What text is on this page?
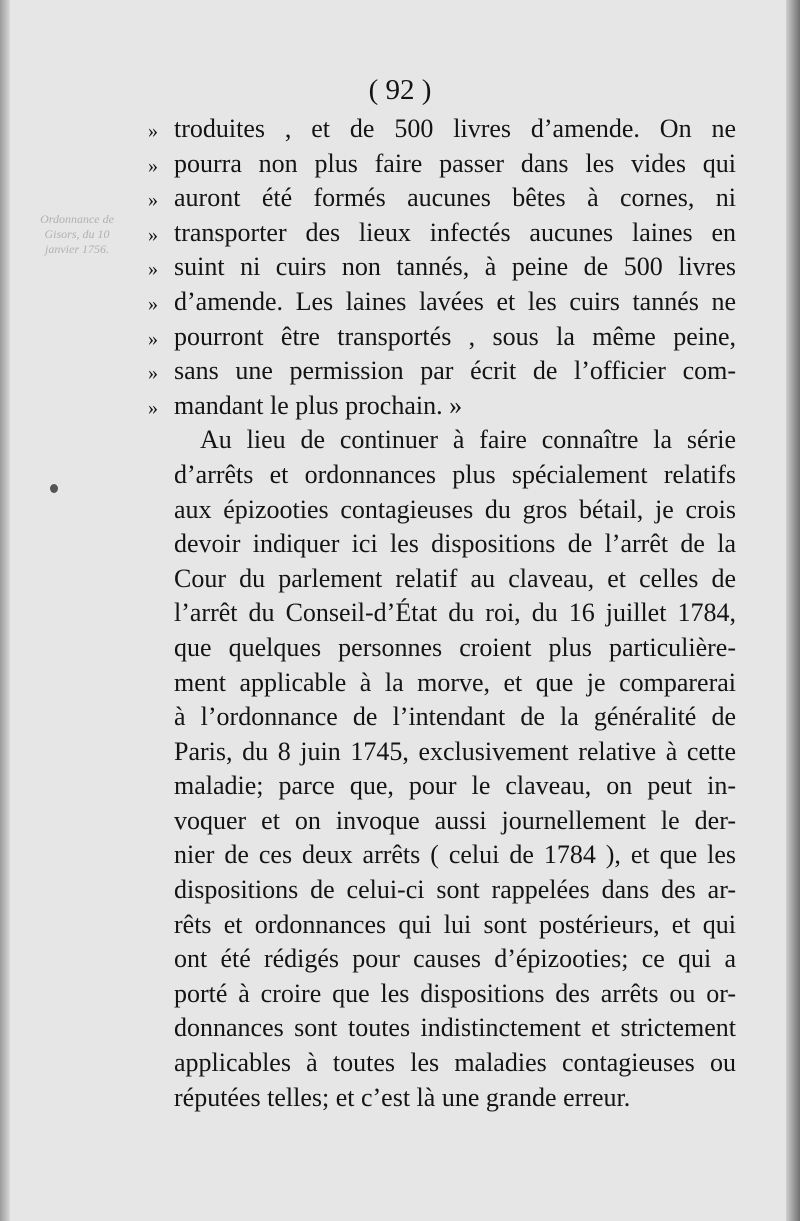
( 92 )
Ordonnance de Gisors, du 10 janvier 1756.
» troduites , et de 500 livres d’amende. On ne
» pourra non plus faire passer dans les vides qui
» auront été formés aucunes bêtes à cornes, ni
» transporter des lieux infectés aucunes laines en
» suint ni cuirs non tannés, à peine de 500 livres
» d’amende. Les laines lavées et les cuirs tannés ne
» pourront être transportés , sous la même peine,
» sans une permission par écrit de l’officier com-
» mandant le plus prochain. »
Au lieu de continuer à faire connaître la série
d’arrêts et ordonnances plus spécialement relatifs
aux épizooties contagieuses du gros bétail, je crois
devoir indiquer ici les dispositions de l’arrêt de la
Cour du parlement relatif au claveau, et celles de
l’arrêt du Conseil-d’État du roi, du 16 juillet 1784,
que quelques personnes croient plus particulière-
ment applicable à la morve, et que je comparerai
à l’ordonnance de l’intendant de la généralité de
Paris, du 8 juin 1745, exclusivement relative à cette
maladie; parce que, pour le claveau, on peut in-
voquer et on invoque aussi journellement le der-
nier de ces deux arrêts ( celui de 1784 ), et que les
dispositions de celui-ci sont rappelées dans des ar-
rêts et ordonnances qui lui sont postérieurs, et qui
ont été rédigés pour causes d’épizooties; ce qui a
porté à croire que les dispositions des arrêts ou or-
donnances sont toutes indistinctement et strictement
applicables à toutes les maladies contagieuses ou
réputées telles; et c’est là une grande erreur.
